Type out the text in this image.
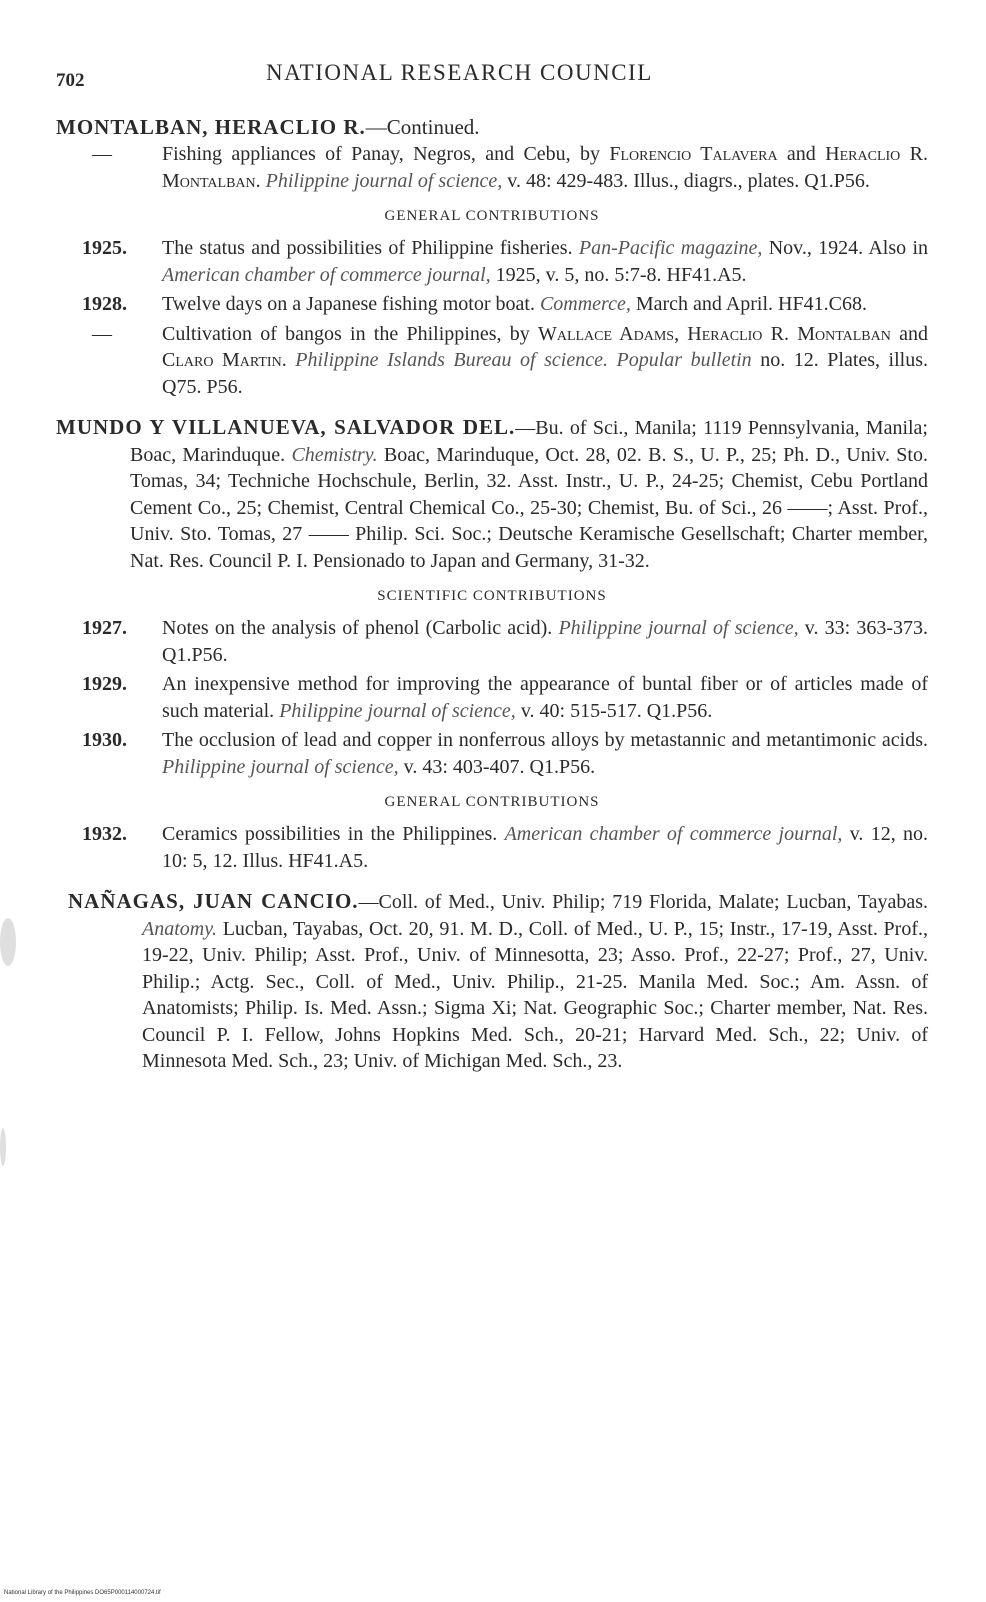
702	NATIONAL RESEARCH COUNCIL

MONTALBAN, HERACLIO R.—Continued.

—	Fishing appliances of Panay, Negros, and Cebu, by Florencio Talavera and Heraclio R. Montalban. Philippine journal of science, v. 48: 429-483. Illus., diagrs., plates. Q1.P56.
GENERAL CONTRIBUTIONS
1925.	The status and possibilities of Philippine fisheries. Pan-Pacific magazine, Nov., 1924. Also in American chamber of commerce journal, 1925, v. 5, no. 5:7-8. HF41.A5.
1928.	Twelve days on a Japanese fishing motor boat. Commerce, March and April. HF41.C68.
—	Cultivation of bangos in the Philippines, by Wallace Adams, Heraclio R. Montalban and Claro Martin. Philippine Islands Bureau of science. Popular bulletin no. 12. Plates, illus. Q75. P56.

MUNDO Y VILLANUEVA, SALVADOR DEL.—Bu. of Sci., Manila; 1119 Pennsylvania, Manila; Boac, Marinduque. Chemistry. Boac, Marinduque, Oct. 28, 02. B. S., U. P., 25; Ph. D., Univ. Sto. Tomas, 34; Techniche Hochschule, Berlin, 32. Asst. Instr., U. P., 24-25; Chemist, Cebu Portland Cement Co., 25; Chemist, Central Chemical Co., 25-30; Chemist, Bu. of Sci., 26 ——; Asst. Prof., Univ. Sto. Tomas, 27 —— Philip. Sci. Soc.; Deutsche Keramische Gesellschaft; Charter member, Nat. Res. Council P. I. Pensionado to Japan and Germany, 31-32.

SCIENTIFIC CONTRIBUTIONS
1927.	Notes on the analysis of phenol (Carbolic acid). Philippine journal of science, v. 33: 363-373. Q1.P56.
1929.	An inexpensive method for improving the appearance of buntal fiber or of articles made of such material. Philippine journal of science, v. 40: 515-517. Q1.P56.
1930.	The occlusion of lead and copper in nonferrous alloys by metastannic and metantimonic acids. Philippine journal of science, v. 43: 403-407. Q1.P56.
GENERAL CONTRIBUTIONS
1932.	Ceramics possibilities in the Philippines. American chamber of commerce journal, v. 12, no. 10: 5, 12. Illus. HF41.A5.

NAÑAGAS, JUAN CANCIO.—Coll. of Med., Univ. Philip; 719 Florida, Malate; Lucban, Tayabas. Anatomy. Lucban, Tayabas, Oct. 20, 91. M. D., Coll. of Med., U. P., 15; Instr., 17-19, Asst. Prof., 19-22, Univ. Philip; Asst. Prof., Univ. of Minnesotta, 23; Asso. Prof., 22-27; Prof., 27, Univ. Philip.; Actg. Sec., Coll. of Med., Univ. Philip., 21-25. Manila Med. Soc.; Am. Assn. of Anatomists; Philip. Is. Med. Assn.; Sigma Xi; Nat. Geographic Soc.; Charter member, Nat. Res. Council P. I. Fellow, Johns Hopkins Med. Sch., 20-21; Harvard Med. Sch., 22; Univ. of Minnesota Med. Sch., 23; Univ. of Michigan Med. Sch., 23.

National Library of the Philippines DO65P000114000724.tif
